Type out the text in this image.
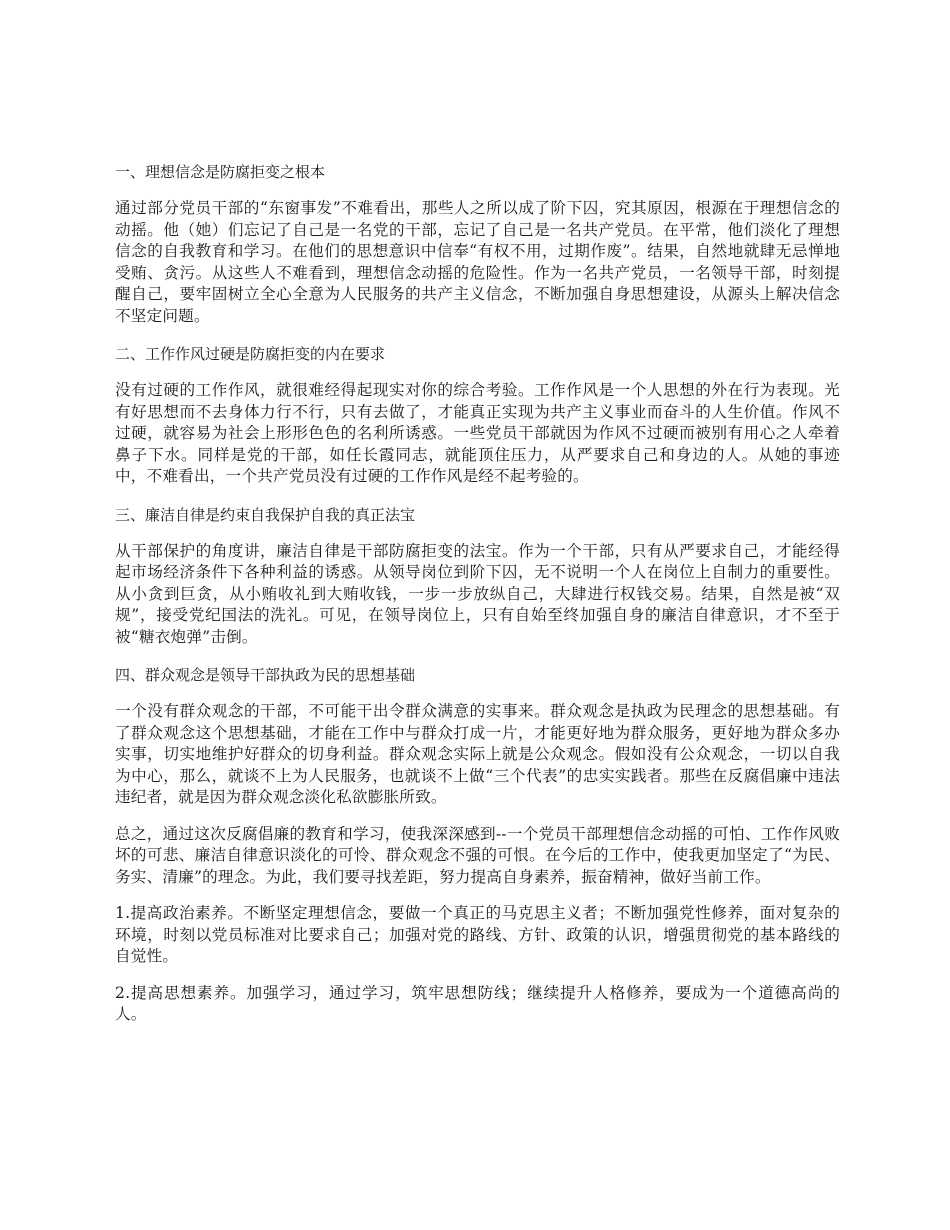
一、理想信念是防腐拒变之根本

通过部分党员干部的“东窗事发”不难看出，那些人之所以成了阶下囚，究其原因，根源在于理想信念的动摇。他（她）们忘记了自己是一名党的干部，忘记了自己是一名共产党员。在平常，他们淡化了理想信念的自我教育和学习。在他们的思想意识中信奉“有权不用，过期作废”。结果，自然地就肆无忌惮地受贿、贪污。从这些人不难看到，理想信念动摇的危险性。作为一名共产党员，一名领导干部，时刻提醒自己，要牢固树立全心全意为人民服务的共产主义信念，不断加强自身思想建设，从源头上解决信念不坚定问题。

二、工作作风过硬是防腐拒变的内在要求

没有过硬的工作作风，就很难经得起现实对你的综合考验。工作作风是一个人思想的外在行为表现。光有好思想而不去身体力行不行，只有去做了，才能真正实现为共产主义事业而奋斗的人生价值。作风不过硬，就容易为社会上形形色色的名利所诱惑。一些党员干部就因为作风不过硬而被别有用心之人牵着鼻子下水。同样是党的干部，如任长霞同志，就能顶住压力，从严要求自己和身边的人。从她的事迹中，不难看出，一个共产党员没有过硬的工作作风是经不起考验的。

三、廉洁自律是约束自我保护自我的真正法宝

从干部保护的角度讲，廉洁自律是干部防腐拒变的法宝。作为一个干部，只有从严要求自己，才能经得起市场经济条件下各种利益的诱惑。从领导岗位到阶下囚，无不说明一个人在岗位上自制力的重要性。从小贪到巨贪，从小贿收礼到大贿收钱，一步一步放纵自己，大肆进行权钱交易。结果，自然是被“双规”，接受党纪国法的洗礼。可见，在领导岗位上，只有自始至终加强自身的廉洁自律意识，才不至于被“糖衣炮弹”击倒。

四、群众观念是领导干部执政为民的思想基础

一个没有群众观念的干部，不可能干出令群众满意的实事来。群众观念是执政为民理念的思想基础。有了群众观念这个思想基础，才能在工作中与群众打成一片，才能更好地为群众服务，更好地为群众多办实事，切实地维护好群众的切身利益。群众观念实际上就是公众观念。假如没有公众观念，一切以自我为中心，那么，就谈不上为人民服务，也就谈不上做“三个代表”的忠实实践者。那些在反腐倡廉中违法违纪者，就是因为群众观念淡化私欲膨胀所致。

总之，通过这次反腐倡廉的教育和学习，使我深深感到--一个党员干部理想信念动摇的可怕、工作作风败坏的可悲、廉洁自律意识淡化的可怜、群众观念不强的可恨。在今后的工作中，使我更加坚定了“为民、务实、清廉”的理念。为此，我们要寻找差距，努力提高自身素养，振奋精神，做好当前工作。

1.提高政治素养。不断坚定理想信念，要做一个真正的马克思主义者；不断加强党性修养，面对复杂的环境，时刻以党员标准对比要求自己；加强对党的路线、方针、政策的认识，增强贯彻党的基本路线的自觉性。

2.提高思想素养。加强学习，通过学习，筑牢思想防线；继续提升人格修养，要成为一个道德高尚的人。
